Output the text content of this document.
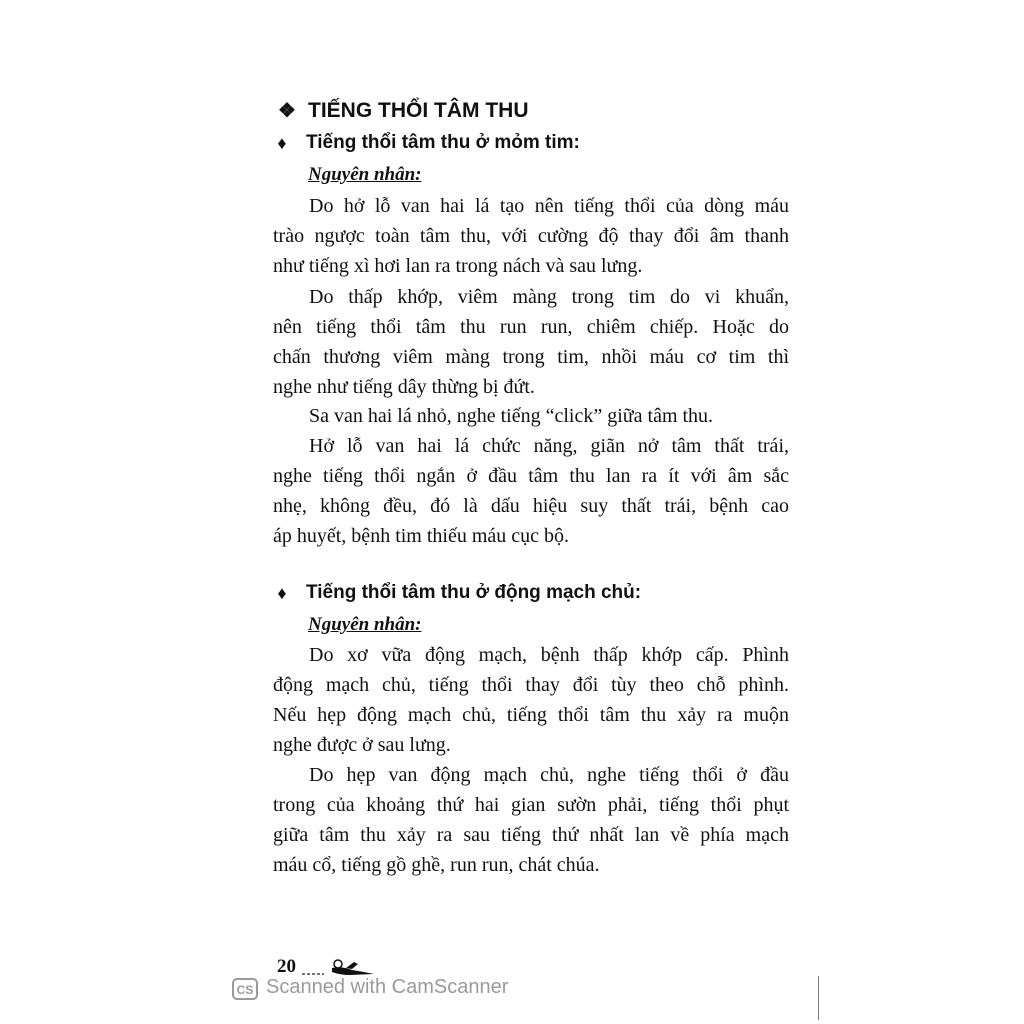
❖ TIẾNG THỔI TÂM THU
♦ Tiếng thổi tâm thu ở mỏm tim:
Nguyên nhân:
Do hở lỗ van hai lá tạo nên tiếng thổi của dòng máu
trào ngược toàn tâm thu, với cường độ thay đổi âm thanh
như tiếng xì hơi lan ra trong nách và sau lưng.
Do thấp khớp, viêm màng trong tim do vi khuẩn,
nên tiếng thổi tâm thu run run, chiêm chiếp. Hoặc do
chấn thương viêm màng trong tim, nhồi máu cơ tim thì
nghe như tiếng dây thừng bị đứt.
Sa van hai lá nhỏ, nghe tiếng “click” giữa tâm thu.
Hở lỗ van hai lá chức năng, giãn nở tâm thất trái,
nghe tiếng thổi ngắn ở đầu tâm thu lan ra ít với âm sắc
nhẹ, không đều, đó là dấu hiệu suy thất trái, bệnh cao
áp huyết, bệnh tim thiếu máu cục bộ.
♦ Tiếng thổi tâm thu ở động mạch chủ:
Nguyên nhân:
Do xơ vữa động mạch, bệnh thấp khớp cấp. Phình
động mạch chủ, tiếng thổi thay đổi tùy theo chỗ phình.
Nếu hẹp động mạch chủ, tiếng thổi tâm thu xảy ra muộn
nghe được ở sau lưng.
Do hẹp van động mạch chủ, nghe tiếng thổi ở đầu
trong của khoảng thứ hai gian sườn phải, tiếng thổi phụt
giữa tâm thu xảy ra sau tiếng thứ nhất lan về phía mạch
máu cổ, tiếng gồ ghề, run run, chát chúa.
20
CS Scanned with CamScanner
